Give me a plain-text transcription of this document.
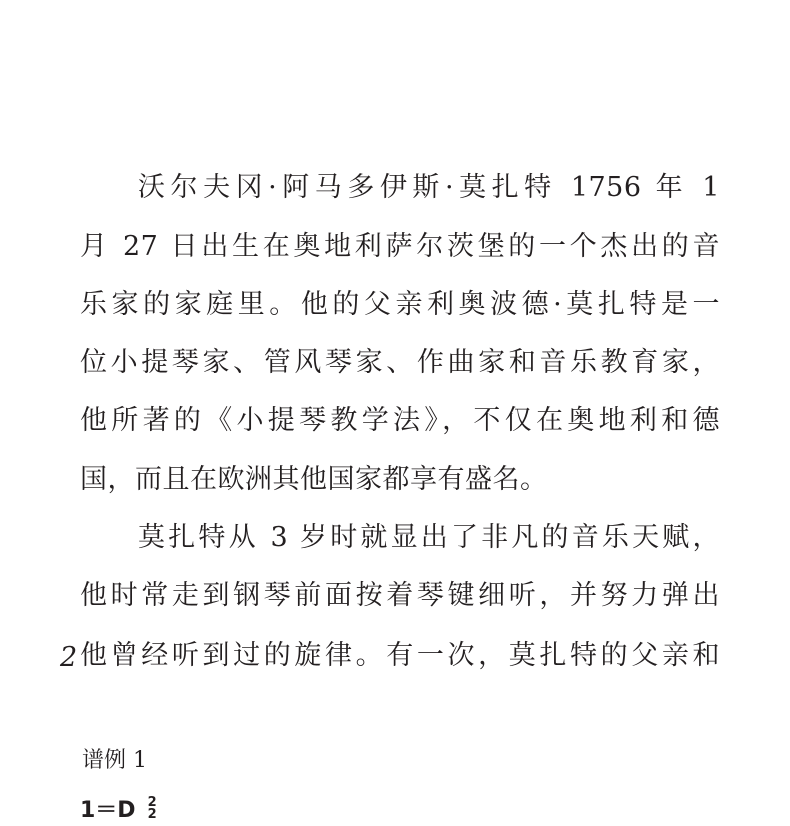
沃尔夫冈·阿马多伊斯·莫扎特 1756 年 1
月 27 日出生在奥地利萨尔茨堡的一个杰出的音
乐家的家庭里。他的父亲利奥波德·莫扎特是一
位小提琴家、管风琴家、作曲家和音乐教育家，
他所著的《小提琴教学法》，不仅在奥地利和德
国，而且在欧洲其他国家都享有盛名。
莫扎特从 3 岁时就显出了非凡的音乐天赋，
他时常走到钢琴前面按着琴键细听，并努力弹出
他曾经听到过的旋律。有一次，莫扎特的父亲和
2
谱例 1
1＝D 2
2
